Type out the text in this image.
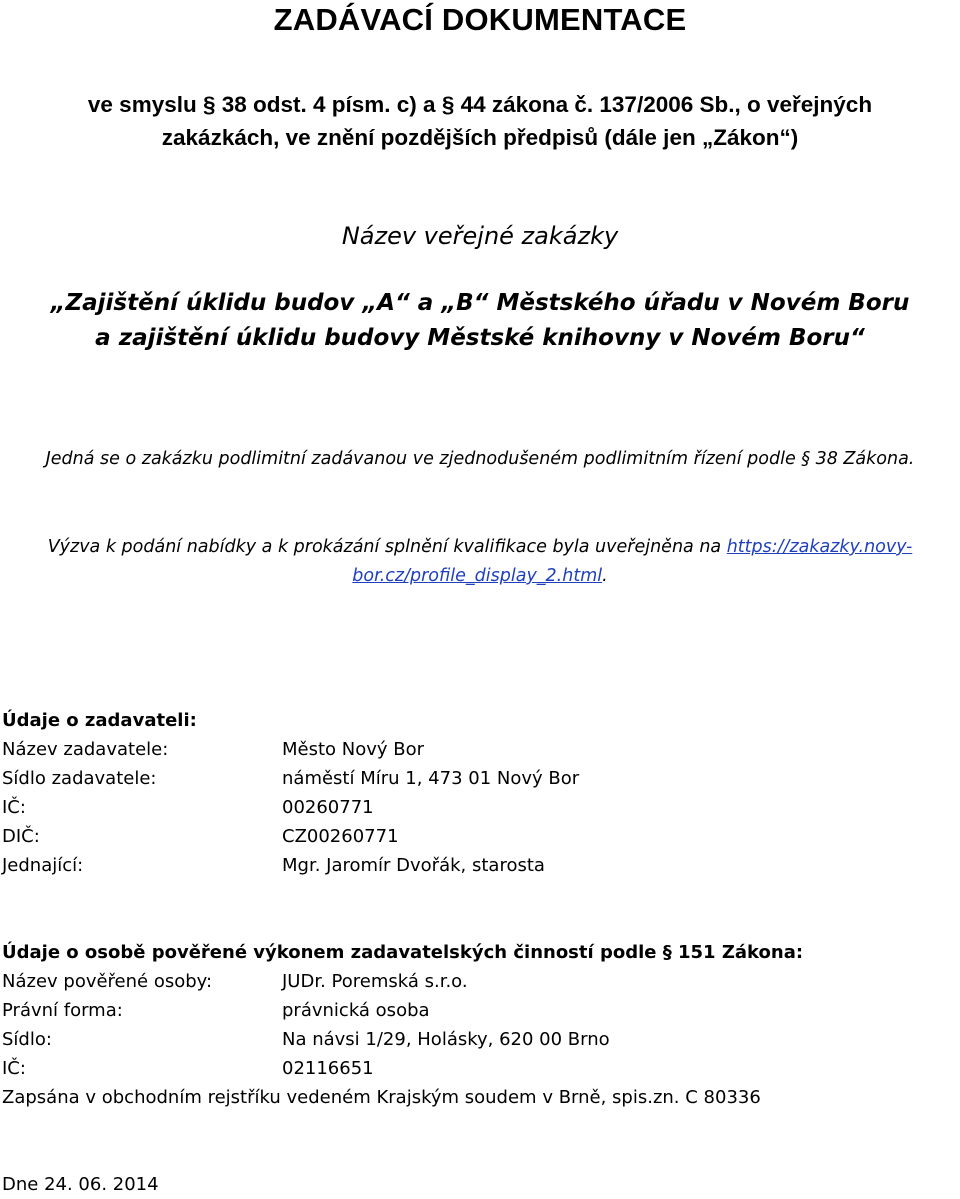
ZADÁVACÍ DOKUMENTACE
ve smyslu § 38 odst. 4 písm. c) a § 44 zákona č. 137/2006 Sb., o veřejných
zakázkách, ve znění pozdějších předpisů (dále jen „Zákon“)
Název veřejné zakázky
„Zajištění úklidu budov „A“ a „B“ Městského úřadu v Novém Boru
a zajištění úklidu budovy Městské knihovny v Novém Boru“
Jedná se o zakázku podlimitní zadávanou ve zjednodušeném podlimitním řízení podle § 38 Zákona.
Výzva k podání nabídky a k prokázání splnění kvalifikace byla uveřejněna na https://zakazky.novy-
bor.cz/profile_display_2.html.
Údaje o zadavateli:
Název zadavatele:	Město Nový Bor
Sídlo zadavatele:	náměstí Míru 1, 473 01 Nový Bor
IČ:	00260771
DIČ:	CZ00260771
Jednající:	Mgr. Jaromír Dvořák, starosta
Údaje o osobě pověřené výkonem zadavatelských činností podle § 151 Zákona:
Název pověřené osoby:	JUDr. Poremská s.r.o.
Právní forma:	právnická osoba
Sídlo:	Na návsi 1/29, Holásky, 620 00 Brno
IČ:	02116651
Zapsána v obchodním rejstříku vedeném Krajským soudem v Brně, spis.zn. C 80336
Dne 24. 06. 2014
